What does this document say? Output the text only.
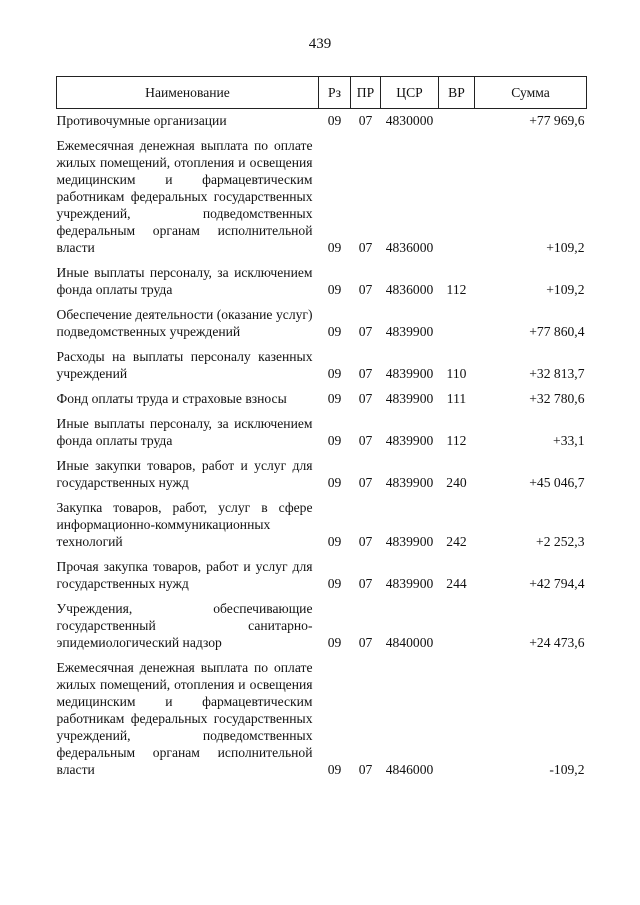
439
Наименование	Рз	ПР	ЦСР	ВР	Сумма
Противочумные организации	09	07	4830000		+77 969,6
Ежемесячная денежная выплата по оплате жилых помещений, отопления и освещения медицинским и фармацевтическим работникам федеральных государственных учреждений, подведомственных федеральным органам исполнительной власти	09	07	4836000		+109,2
Иные выплаты персоналу, за исключением фонда оплаты труда	09	07	4836000	112	+109,2
Обеспечение деятельности (оказание услуг) подведомственных учреждений	09	07	4839900		+77 860,4
Расходы на выплаты персоналу казенных учреждений	09	07	4839900	110	+32 813,7
Фонд оплаты труда и страховые взносы	09	07	4839900	111	+32 780,6
Иные выплаты персоналу, за исключением фонда оплаты труда	09	07	4839900	112	+33,1
Иные закупки товаров, работ и услуг для государственных нужд	09	07	4839900	240	+45 046,7
Закупка товаров, работ, услуг в сфере информационно-коммуникационных технологий	09	07	4839900	242	+2 252,3
Прочая закупка товаров, работ и услуг для государственных нужд	09	07	4839900	244	+42 794,4
Учреждения, обеспечивающие государственный санитарно-эпидемиологический надзор	09	07	4840000		+24 473,6
Ежемесячная денежная выплата по оплате жилых помещений, отопления и освещения медицинским и фармацевтическим работникам федеральных государственных учреждений, подведомственных федеральным органам исполнительной власти	09	07	4846000		-109,2
